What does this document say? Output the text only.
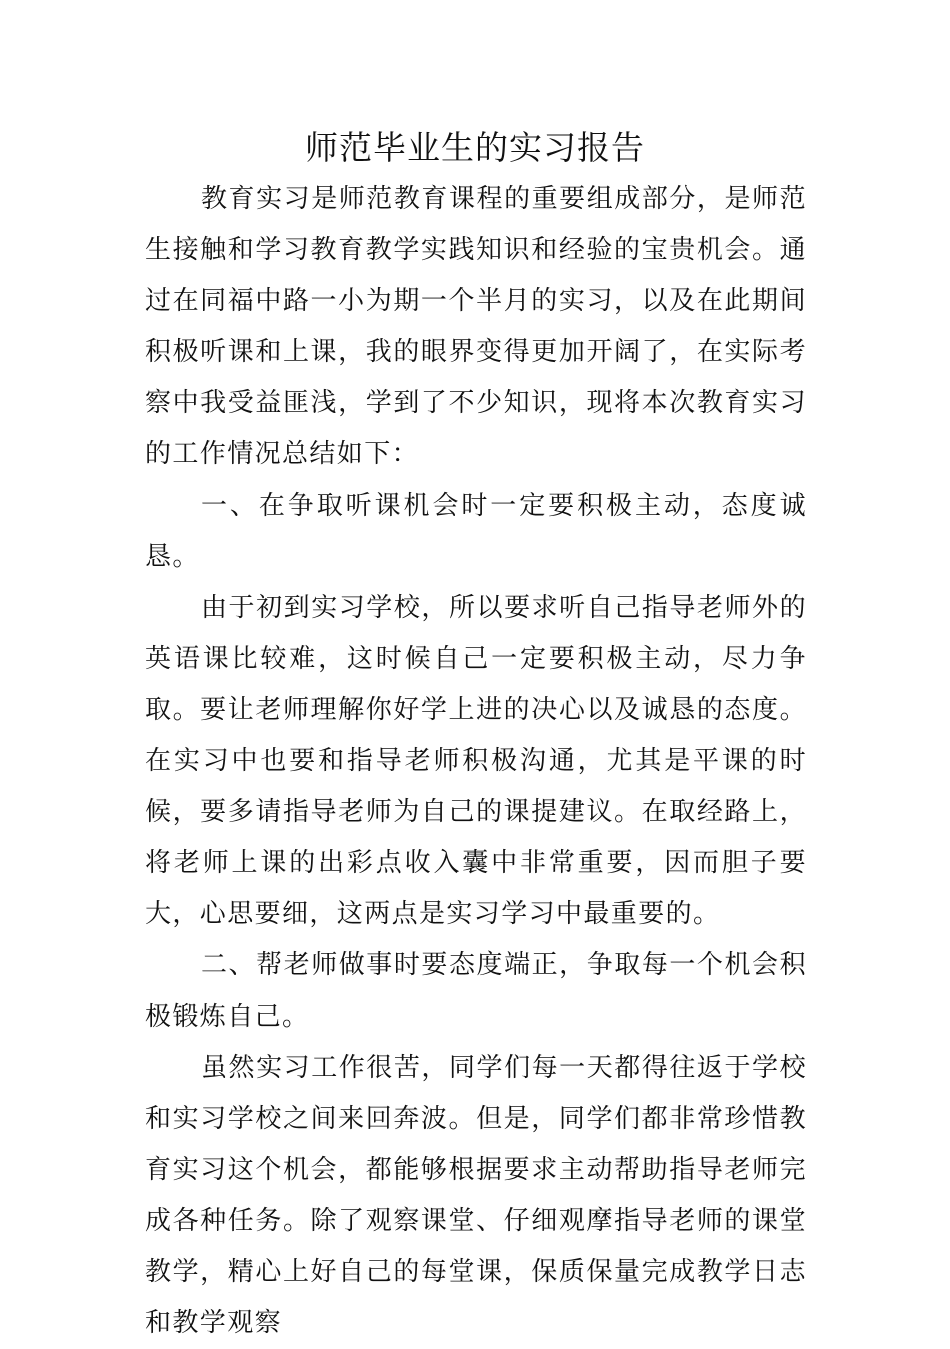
师范毕业生的实习报告

教育实习是师范教育课程的重要组成部分，是师范生接触和学习教育教学实践知识和经验的宝贵机会。通过在同福中路一小为期一个半月的实习，以及在此期间积极听课和上课，我的眼界变得更加开阔了，在实际考察中我受益匪浅，学到了不少知识，现将本次教育实习的工作情况总结如下：

一、在争取听课机会时一定要积极主动，态度诚恳。

由于初到实习学校，所以要求听自己指导老师外的英语课比较难，这时候自己一定要积极主动，尽力争取。要让老师理解你好学上进的决心以及诚恳的态度。在实习中也要和指导老师积极沟通，尤其是平课的时候，要多请指导老师为自己的课提建议。在取经路上，将老师上课的出彩点收入囊中非常重要，因而胆子要大，心思要细，这两点是实习学习中最重要的。

二、帮老师做事时要态度端正，争取每一个机会积极锻炼自己。

虽然实习工作很苦，同学们每一天都得往返于学校和实习学校之间来回奔波。但是，同学们都非常珍惜教育实习这个机会，都能够根据要求主动帮助指导老师完成各种任务。除了观察课堂、仔细观摩指导老师的课堂教学，精心上好自己的每堂课，保质保量完成教学日志和教学观察
